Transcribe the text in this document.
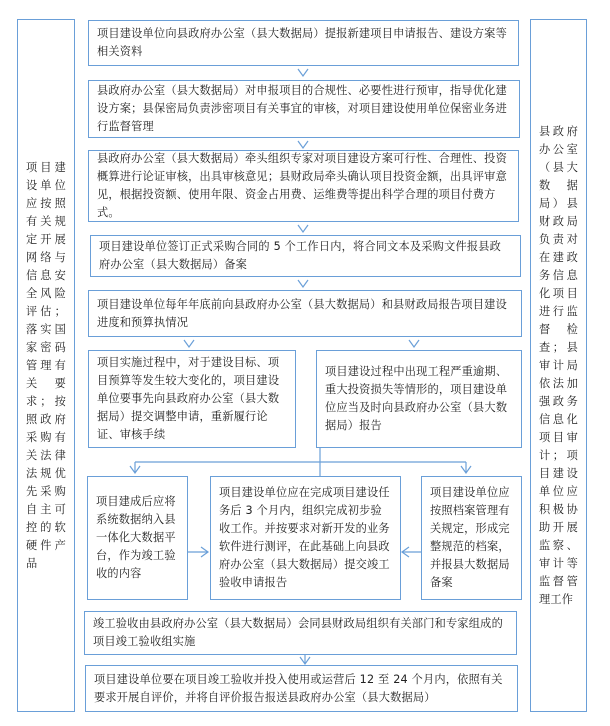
项目建设单位应按照有关规定开展网络与信息安全风险评估；落实国家密码管理有关要求；按照政府采购有关法律法规优先采购自主可控的软硬件产品
县政府办公室（县大数据局）县财政局负责对在建政务信息化项目进行监督检查；县审计局依法加强政务信息化项目审计；项目建设单位应积极协助开展监察、审计等监督管理工作
项目建设单位向县政府办公室（县大数据局）提报新建项目申请报告、建设方案等相关资料
县政府办公室（县大数据局）对申报项目的合规性、必要性进行预审，指导优化建设方案；县保密局负责涉密项目有关事宜的审核，对项目建设使用单位保密业务进行监督管理
县政府办公室（县大数据局）牵头组织专家对项目建设方案可行性、合理性、投资概算进行论证审核，出具审核意见；县财政局牵头确认项目投资金额，出具评审意见，根据投资额、使用年限、资金占用费、运维费等提出科学合理的项目付费方式。
项目建设单位签订正式采购合同的 5 个工作日内，将合同文本及采购文件报县政府办公室（县大数据局）备案
项目建设单位每年年底前向县政府办公室（县大数据局）和县财政局报告项目建设进度和预算执情况
项目实施过程中，对于建设目标、项目预算等发生较大变化的，项目建设单位要事先向县政府办公室（县大数据局）提交调整申请，重新履行论证、审核手续
项目建设过程中出现工程严重逾期、重大投资损失等情形的，项目建设单位应当及时向县政府办公室（县大数据局）报告
项目建成后应将系统数据纳入县一体化大数据平台，作为竣工验收的内容
项目建设单位应在完成项目建设任务后 3 个月内，组织完成初步验收工作。并按要求对新开发的业务软件进行测评，在此基础上向县政府办公室（县大数据局）提交竣工验收申请报告
项目建设单位应按照档案管理有关规定，形成完整规范的档案，并报县大数据局备案
竣工验收由县政府办公室（县大数据局）会同县财政局组织有关部门和专家组成的项目竣工验收组实施
项目建设单位要在项目竣工验收并投入使用或运营后 12 至 24 个月内，依照有关要求开展自评价，并将自评价报告报送县政府办公室（县大数据局）
